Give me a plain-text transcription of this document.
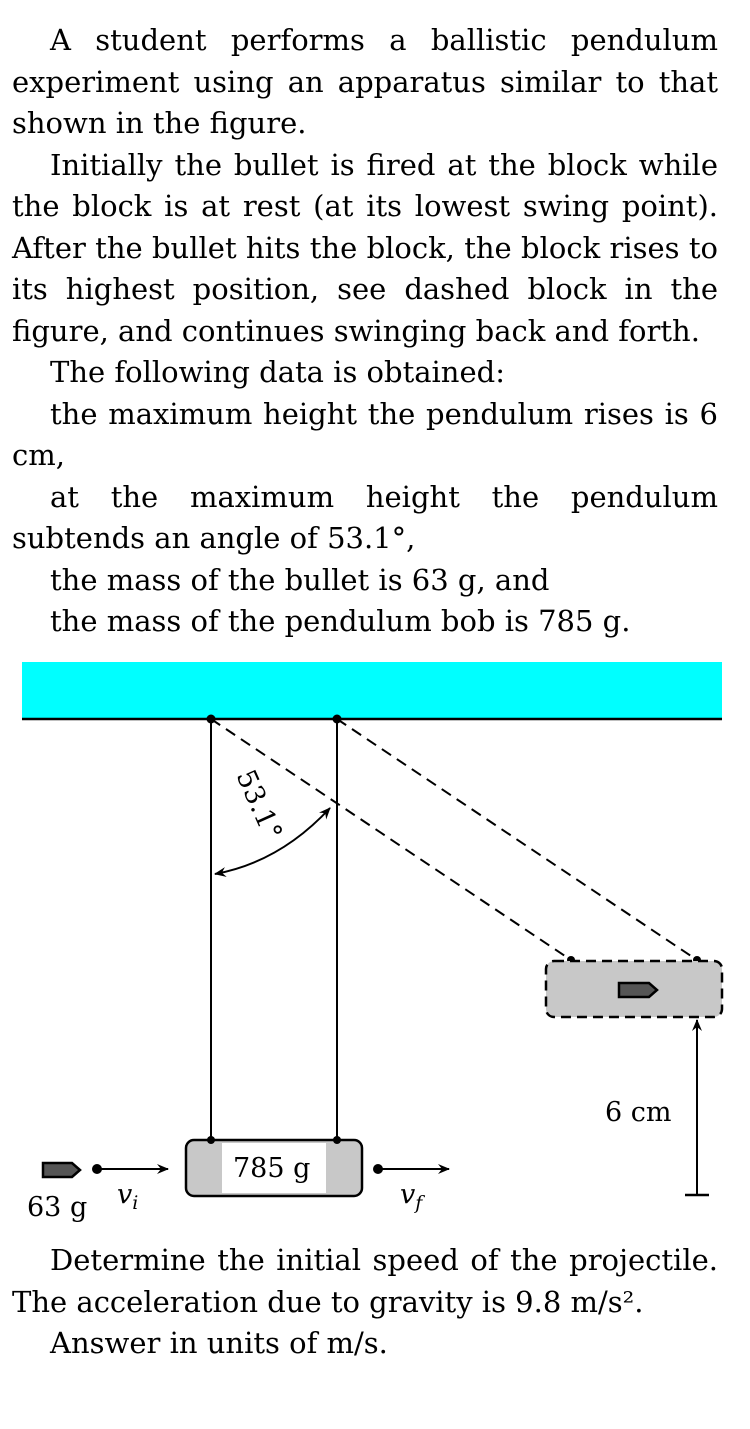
A student performs a ballistic pendulum experiment using an apparatus similar to that shown in the figure.

Initially the bullet is fired at the block while the block is at rest (at its lowest swing point). After the bullet hits the block, the block rises to its highest position, see dashed block in the figure, and continues swinging back and forth.

The following data is obtained:

the maximum height the pendulum rises is 6 cm,

at the maximum height the pendulum subtends an angle of 53.1°,

the mass of the bullet is 63 g, and

the mass of the pendulum bob is 785 g.

53.1°
6 cm
785 g
63 g $v_i$	$v_f$

Determine the initial speed of the projectile. The acceleration due to gravity is 9.8 m/s².

Answer in units of m/s.
